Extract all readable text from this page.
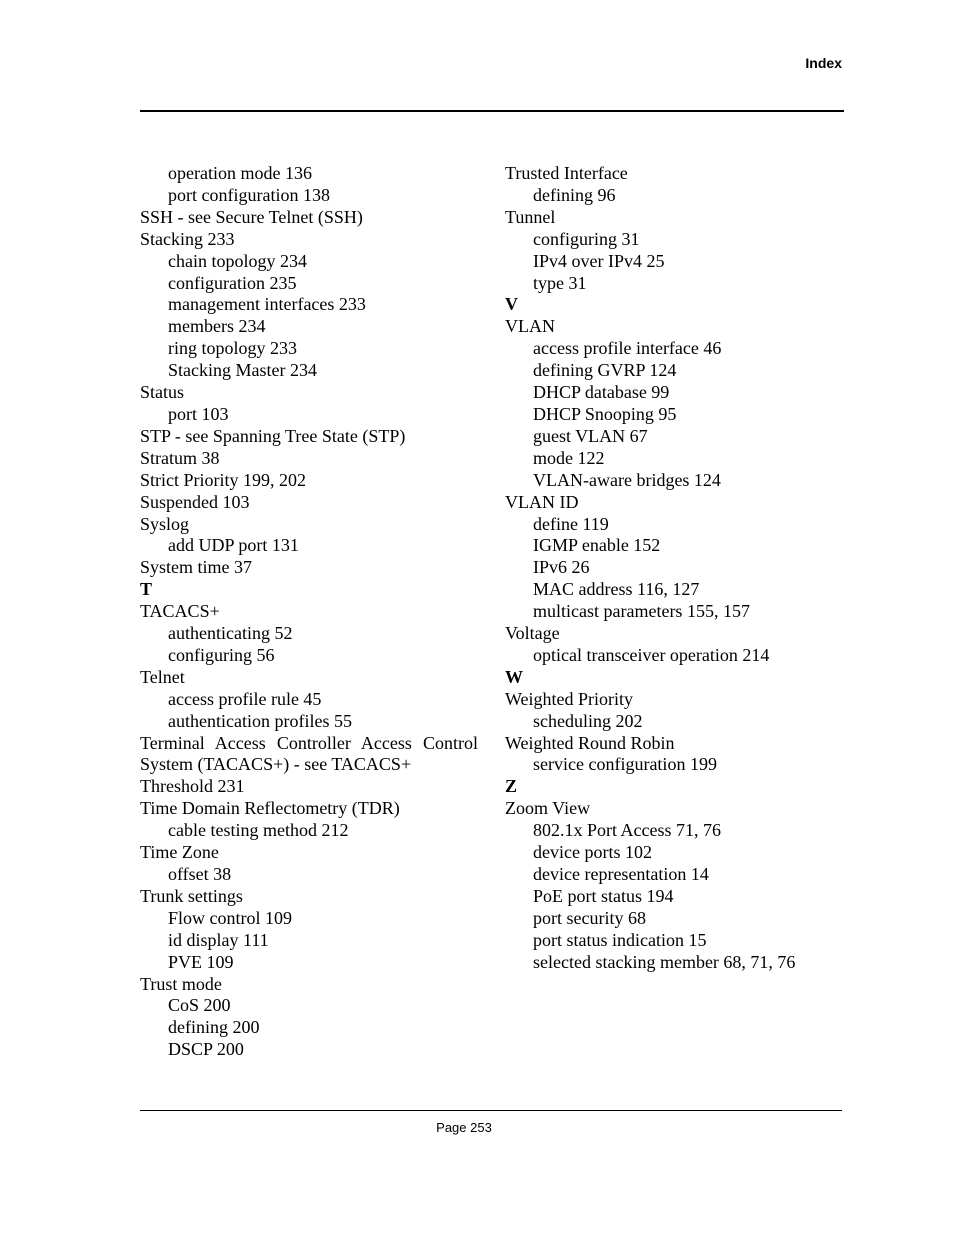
Index
operation mode 136
port configuration 138
SSH - see Secure Telnet (SSH)
Stacking 233
chain topology 234
configuration 235
management interfaces 233
members 234
ring topology 233
Stacking Master 234
Status
port 103
STP - see Spanning Tree State (STP)
Stratum 38
Strict Priority 199, 202
Suspended 103
Syslog
add UDP port 131
System time 37
T
TACACS+
authenticating 52
configuring 56
Telnet
access profile rule 45
authentication profiles 55
Terminal Access Controller Access Control
System (TACACS+) - see TACACS+
Threshold 231
Time Domain Reflectometry (TDR)
cable testing method 212
Time Zone
offset 38
Trunk settings
Flow control 109
id display 111
PVE 109
Trust mode
CoS 200
defining 200
DSCP 200
Trusted Interface
defining 96
Tunnel
configuring 31
IPv4 over IPv4 25
type 31
V
VLAN
access profile interface 46
defining GVRP 124
DHCP database 99
DHCP Snooping 95
guest VLAN 67
mode 122
VLAN-aware bridges 124
VLAN ID
define 119
IGMP enable 152
IPv6 26
MAC address 116, 127
multicast parameters 155, 157
Voltage
optical transceiver operation 214
W
Weighted Priority
scheduling 202
Weighted Round Robin
service configuration 199
Z
Zoom View
802.1x Port Access 71, 76
device ports 102
device representation 14
PoE port status 194
port security 68
port status indication 15
selected stacking member 68, 71, 76
Page 253
